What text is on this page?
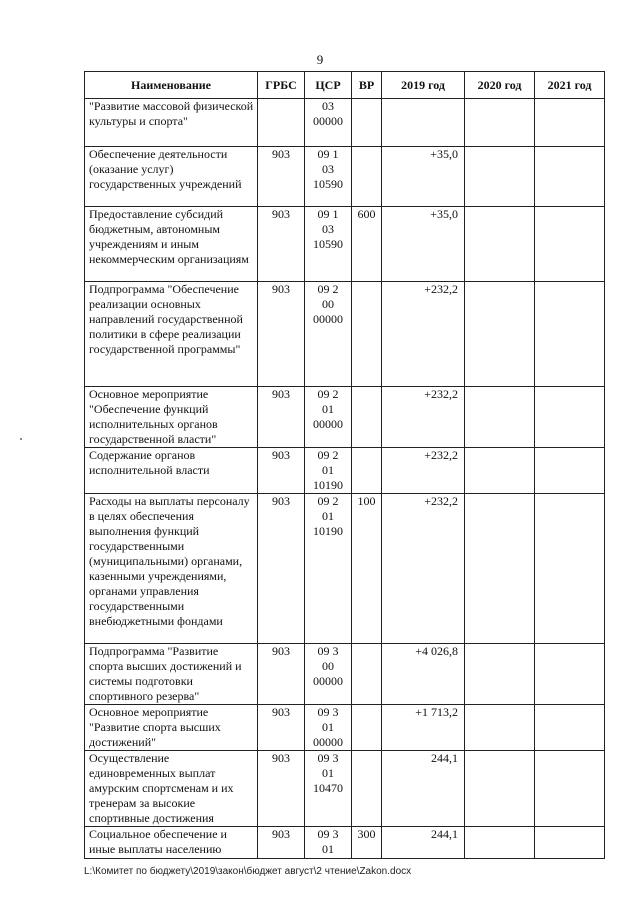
9
Наименование	ГРБС	ЦСР	ВР	2019 год	2020 год	2021 год
"Развитие массовой физической культуры и спорта"		03 00000				
Обеспечение деятельности (оказание услуг) государственных учреждений	903	09 1 03 10590		+35,0		
Предоставление субсидий бюджетным, автономным учреждениям и иным некоммерческим организациям	903	09 1 03 10590	600	+35,0		
Подпрограмма "Обеспечение реализации основных направлений государственной политики в сфере реализации государственной программы"	903	09 2 00 00000		+232,2		
Основное мероприятие "Обеспечение функций исполнительных органов государственной власти"	903	09 2 01 00000		+232,2		
Содержание органов исполнительной власти	903	09 2 01 10190		+232,2		
Расходы на выплаты персоналу в целях обеспечения выполнения функций государственными (муниципальными) органами, казенными учреждениями, органами управления государственными внебюджетными фондами	903	09 2 01 10190	100	+232,2		
Подпрограмма "Развитие спорта высших достижений и системы подготовки спортивного резерва"	903	09 3 00 00000		+4 026,8		
Основное мероприятие "Развитие спорта высших достижений"	903	09 3 01 00000		+1 713,2		
Осуществление единовременных выплат амурским спортсменам и их тренерам за высокие спортивные достижения	903	09 3 01 10470		244,1		
Социальное обеспечение и иные выплаты населению	903	09 3 01	300	244,1		
L:\Комитет по бюджету\2019\закон\бюджет август\2 чтение\Zakon.docx
